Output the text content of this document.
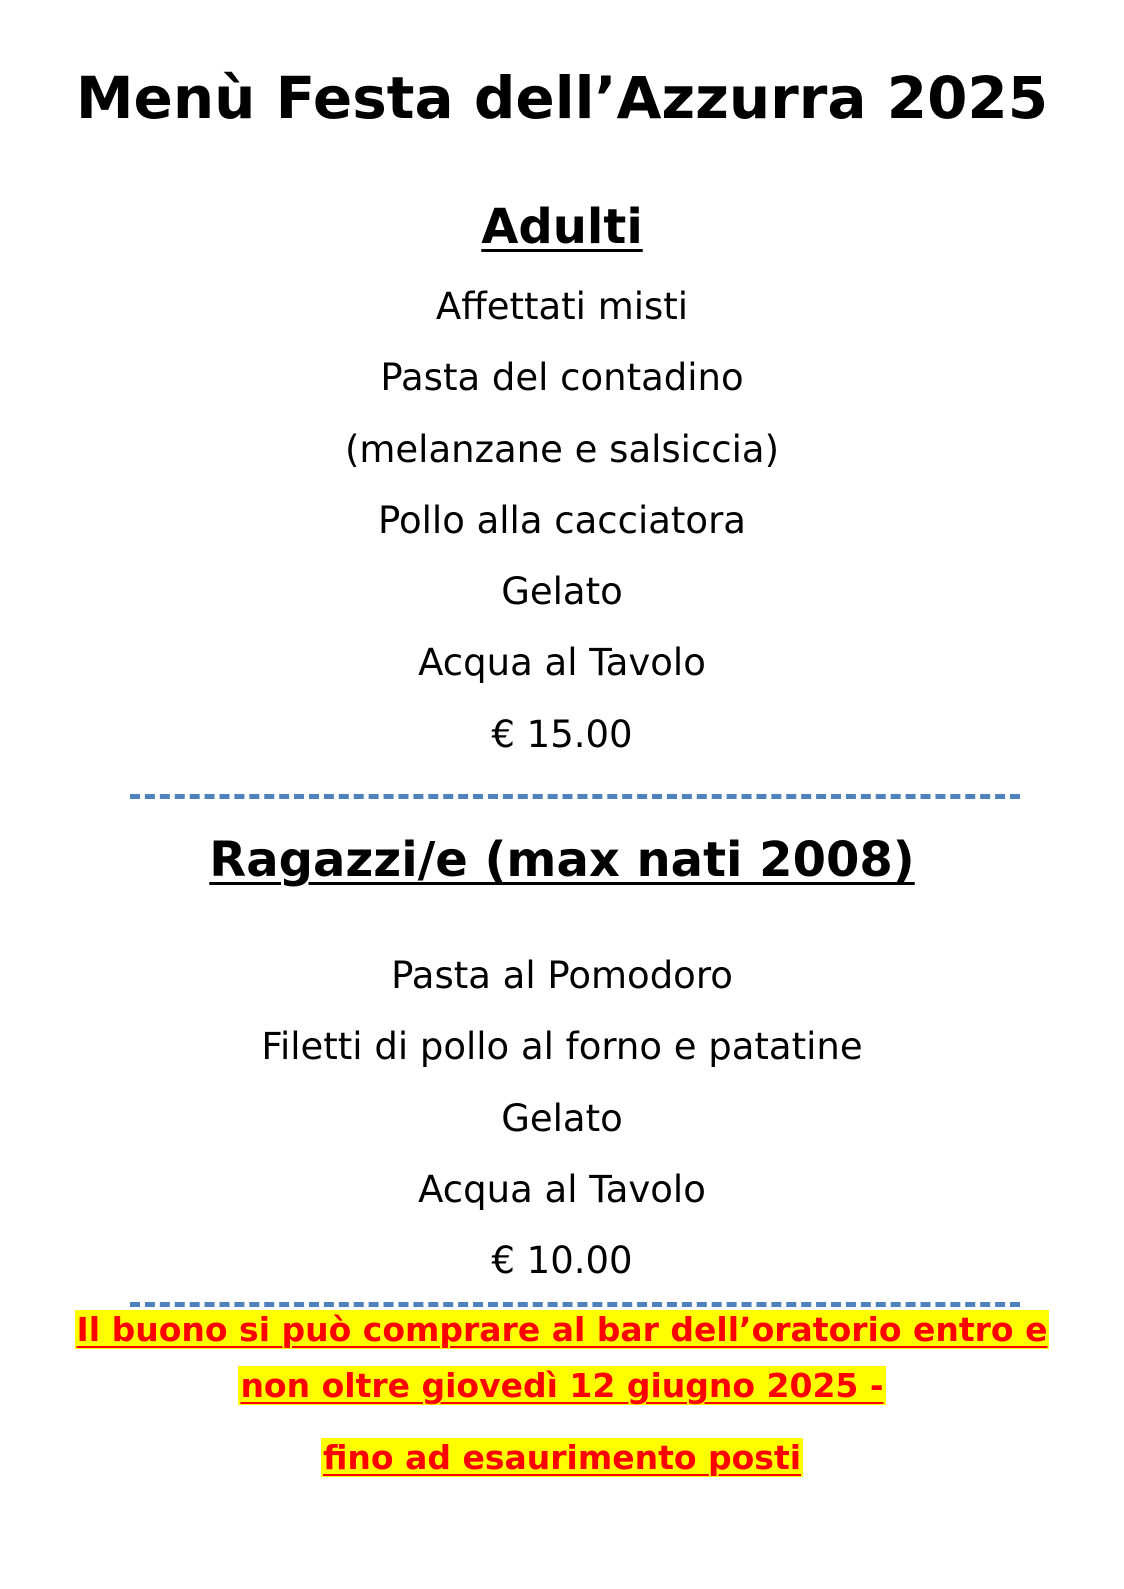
Menù Festa dell’Azzurra 2025
Adulti
Affettati misti
Pasta del contadino
(melanzane e salsiccia)
Pollo alla cacciatora
Gelato
Acqua al Tavolo
€ 15.00
Ragazzi/e (max nati 2008)
Pasta al Pomodoro
Filetti di pollo al forno e patatine
Gelato
Acqua al Tavolo
€ 10.00
Il buono si può comprare al bar dell’oratorio entro e
non oltre giovedì 12 giugno 2025 -
fino ad esaurimento posti
